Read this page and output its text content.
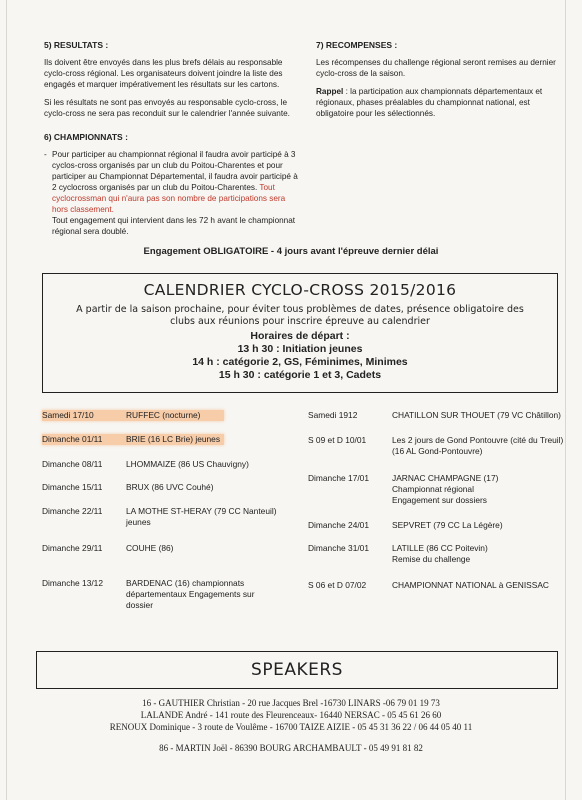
5) RESULTATS :
Ils doivent être envoyés dans les plus brefs délais au responsable cyclo-cross régional. Les organisateurs doivent joindre la liste des engagés et marquer impérativement les résultats sur les cartons.
Si les résultats ne sont pas envoyés au responsable cyclo-cross, le cyclo-cross ne sera pas reconduit sur le calendrier l'année suivante.
6) CHAMPIONNATS :
- Pour participer au championnat régional il faudra avoir participé à 3 cyclos-cross organisés par un club du Poitou-Charentes et pour participer au Championnat Départemental, il faudra avoir participé à 2 cyclocross organisés par un club du Poitou-Charentes. Tout cyclocrossman qui n'aura pas son nombre de participations sera hors classement.
Tout engagement qui intervient dans les 72 h avant le championnat régional sera doublé.
7) RECOMPENSES :
Les récompenses du challenge régional seront remises au dernier cyclo-cross de la saison.
Rappel : la participation aux championnats départementaux et régionaux, phases préalables du championnat national, est obligatoire pour les sélectionnés.
Engagement OBLIGATOIRE - 4 jours avant l'épreuve dernier délai
CALENDRIER CYCLO-CROSS 2015/2016
A partir de la saison prochaine, pour éviter tous problèmes de dates, présence obligatoire des clubs aux réunions pour inscrire épreuve au calendrier
Horaires de départ :
13 h 30 : Initiation jeunes
14 h : catégorie 2, GS, Féminimes, Minimes
15 h 30 : catégorie 1 et 3, Cadets
Samedi 17/10	RUFFEC (nocturne)
Dimanche 01/11	BRIE (16 LC Brie) jeunes
Dimanche 08/11	LHOMMAIZE (86 US Chauvigny)
Dimanche 15/11	BRUX (86 UVC Couhé)
Dimanche 22/11	LA MOTHE ST-HERAY (79 CC Nanteuil) jeunes
Dimanche 29/11	COUHE (86)
Dimanche 13/12	BARDENAC (16) championnats départementaux Engagements sur dossier
Samedi 1912	CHATILLON SUR THOUET (79 VC Châtillon)
S 09 et D 10/01	Les 2 jours de Gond Pontouvre (cité du Treuil) (16 AL Gond-Pontouvre)
Dimanche 17/01	JARNAC CHAMPAGNE (17) Championnat régional Engagement sur dossiers
Dimanche 24/01	SEPVRET (79 CC La Légère)
Dimanche 31/01	LATILLE (86 CC Poitevin) Remise du challenge
S 06 et D 07/02	CHAMPIONNAT NATIONAL à GENISSAC
SPEAKERS
16 - GAUTHIER Christian - 20 rue Jacques Brel -16730 LINARS -06 79 01 19 73
LALANDE André - 141 route des Fleurenceaux- 16440 NERSAC - 05 45 61 26 60
RENOUX Dominique - 3 route de Voulême - 16700 TAIZE AIZIE - 05 45 31 36 22 / 06 44 05 40 11
86 - MARTIN Joël - 86390 BOURG ARCHAMBAULT - 05 49 91 81 82
